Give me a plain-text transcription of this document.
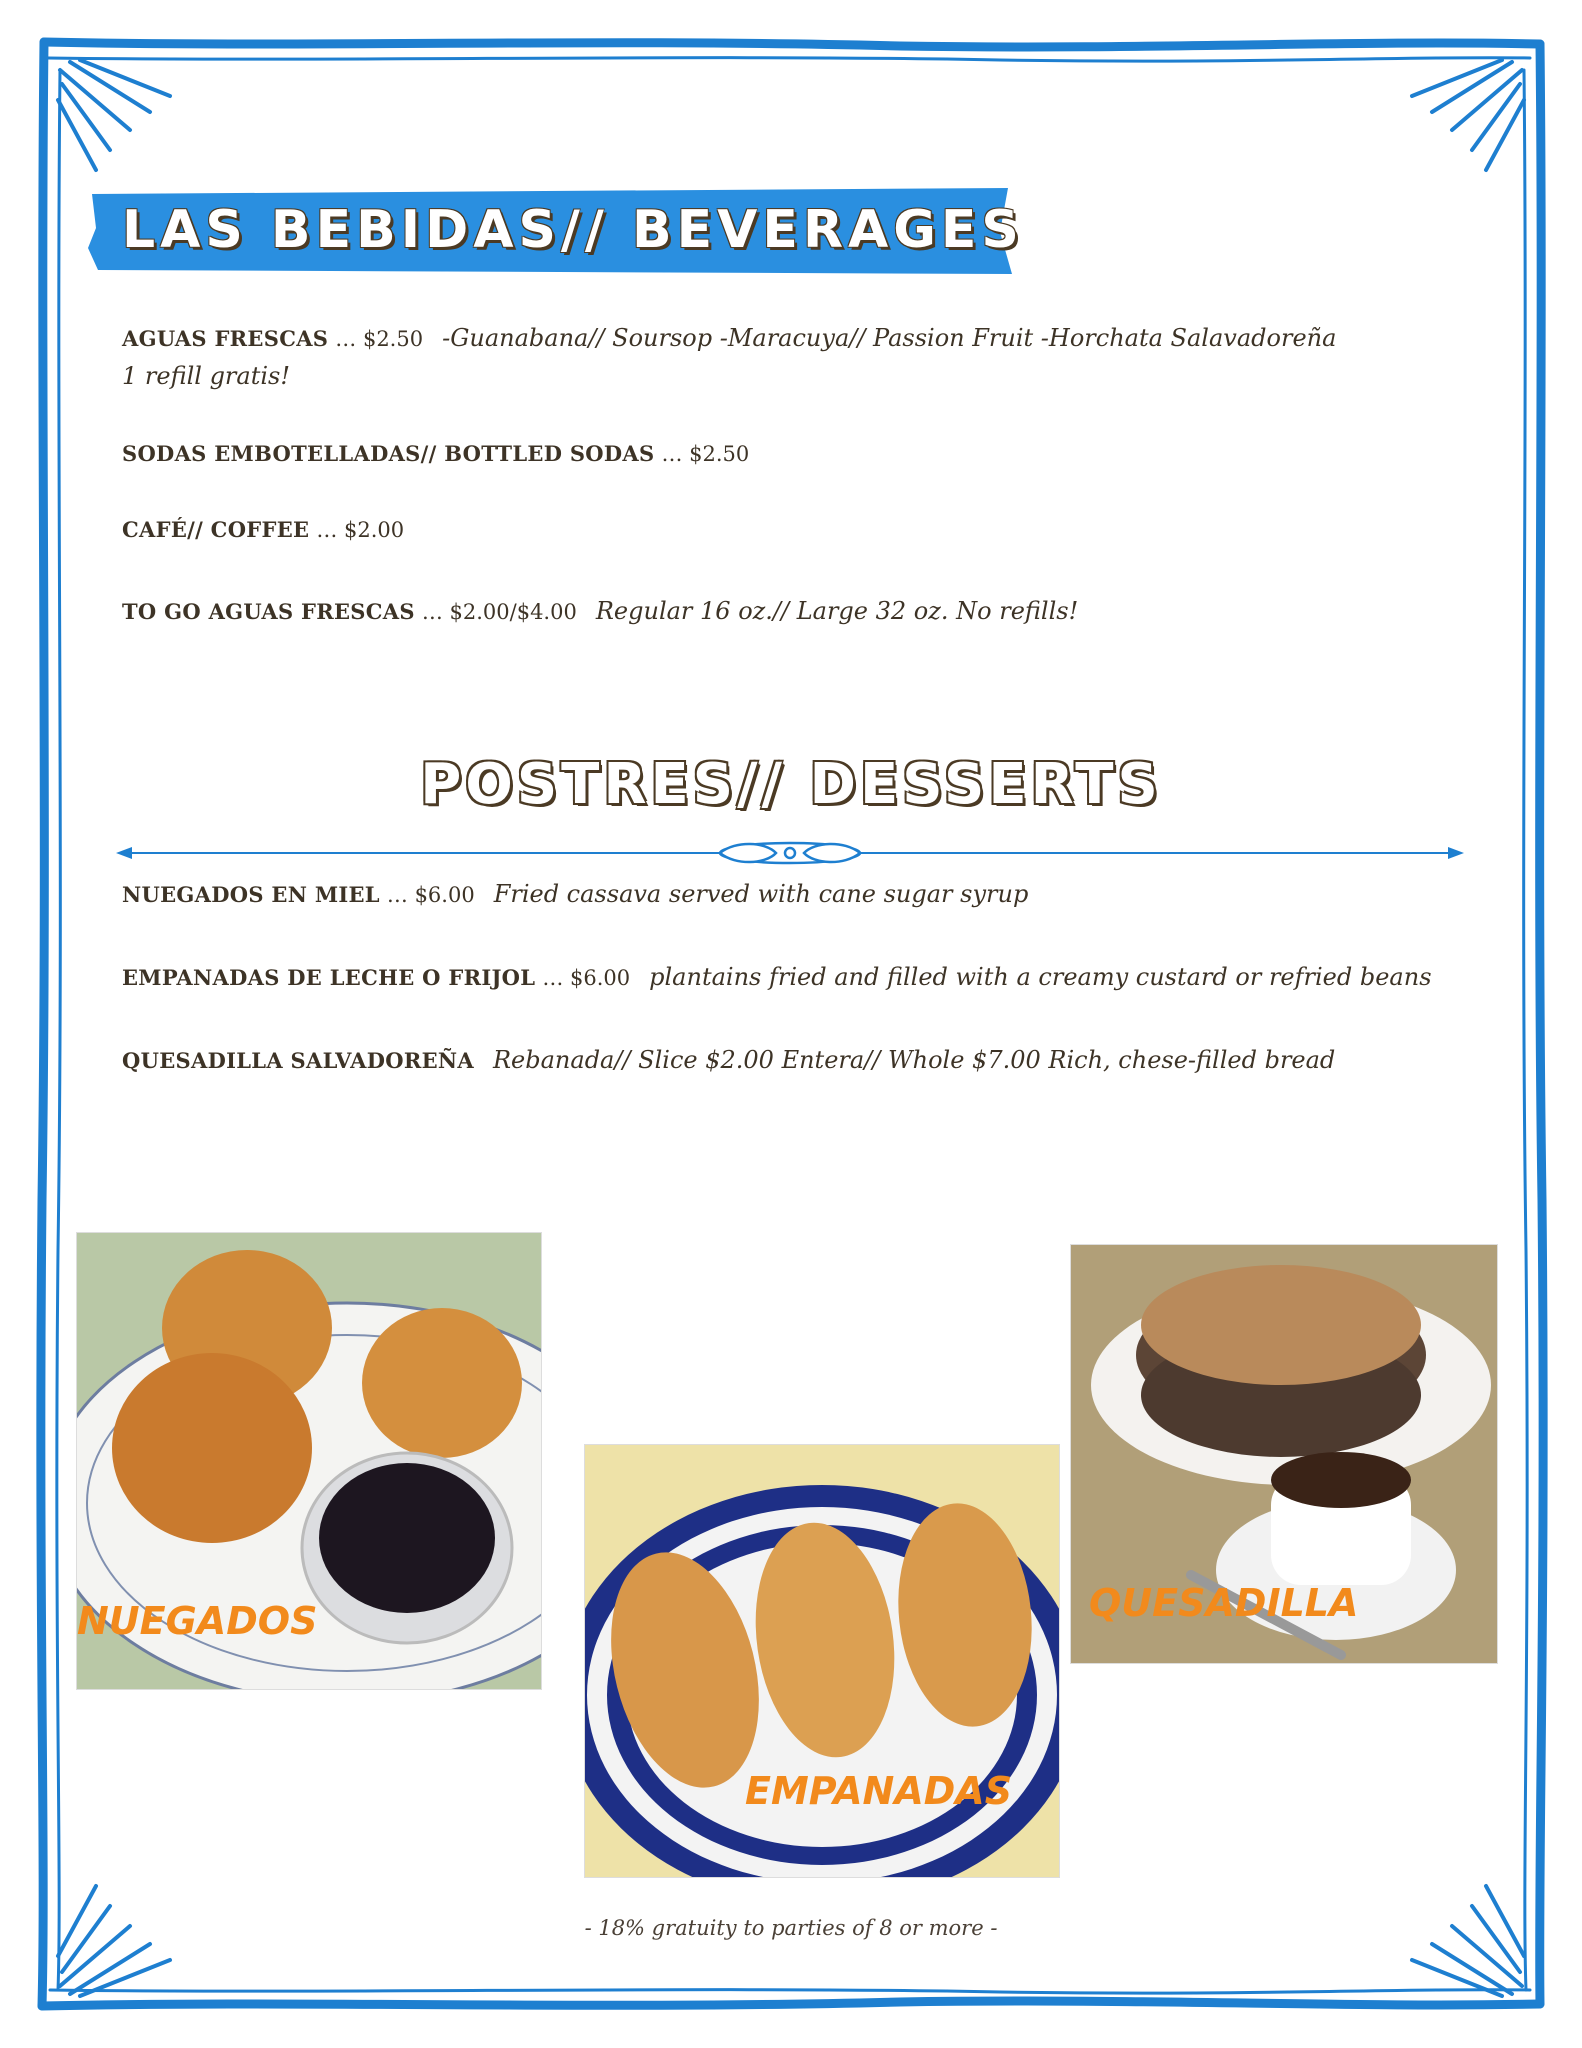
LAS BEBIDAS// BEVERAGES
AGUAS FRESCAS … $2.50 -Guanabana// Soursop -Maracuya// Passion Fruit -Horchata Salavadoreña
1 refill gratis!
SODAS EMBOTELLADAS// BOTTLED SODAS … $2.50
CAFÉ// COFFEE … $2.00
TO GO AGUAS FRESCAS … $2.00/$4.00 Regular 16 oz.// Large 32 oz. No refills!
POSTRES// DESSERTS
NUEGADOS EN MIEL … $6.00 Fried cassava served with cane sugar syrup
EMPANADAS DE LECHE O FRIJOL … $6.00 plantains fried and filled with a creamy custard or refried beans
QUESADILLA SALVADOREÑA Rebanada// Slice $2.00 Entera// Whole $7.00 Rich, chese-filled bread
NUEGADOS
EMPANADAS
QUESADILLA
- 18% gratuity to parties of 8 or more -
